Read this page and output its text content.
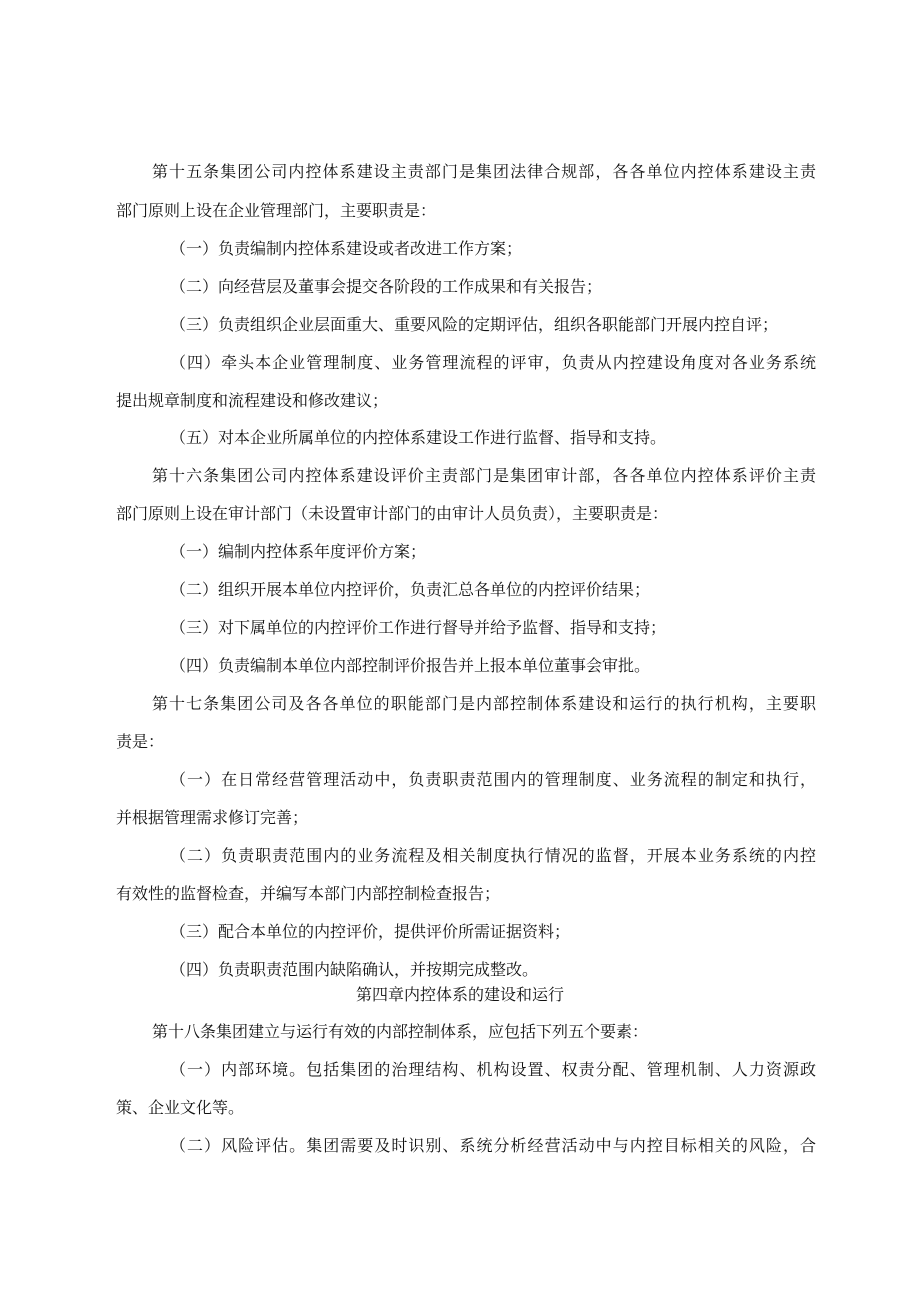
第十五条集团公司内控体系建设主责部门是集团法律合规部，各各单位内控体系建设主责
部门原则上设在企业管理部门，主要职责是：
（一）负责编制内控体系建设或者改进工作方案；
（二）向经营层及董事会提交各阶段的工作成果和有关报告；
（三）负责组织企业层面重大、重要风险的定期评估，组织各职能部门开展内控自评；
（四）牵头本企业管理制度、业务管理流程的评审，负责从内控建设角度对各业务系统
提出规章制度和流程建设和修改建议；
（五）对本企业所属单位的内控体系建设工作进行监督、指导和支持。
第十六条集团公司内控体系建设评价主责部门是集团审计部，各各单位内控体系评价主责
部门原则上设在审计部门（未设置审计部门的由审计人员负责），主要职责是：
（一）编制内控体系年度评价方案；
（二）组织开展本单位内控评价，负责汇总各单位的内控评价结果；
（三）对下属单位的内控评价工作进行督导并给予监督、指导和支持；
（四）负责编制本单位内部控制评价报告并上报本单位董事会审批。
第十七条集团公司及各各单位的职能部门是内部控制体系建设和运行的执行机构，主要职
责是：
（一）在日常经营管理活动中，负责职责范围内的管理制度、业务流程的制定和执行，
并根据管理需求修订完善；
（二）负责职责范围内的业务流程及相关制度执行情况的监督，开展本业务系统的内控
有效性的监督检查，并编写本部门内部控制检查报告；
（三）配合本单位的内控评价，提供评价所需证据资料；
（四）负责职责范围内缺陷确认，并按期完成整改。
第四章内控体系的建设和运行
第十八条集团建立与运行有效的内部控制体系，应包括下列五个要素：
（一）内部环境。包括集团的治理结构、机构设置、权责分配、管理机制、人力资源政
策、企业文化等。
（二）风险评估。集团需要及时识别、系统分析经营活动中与内控目标相关的风险，合
